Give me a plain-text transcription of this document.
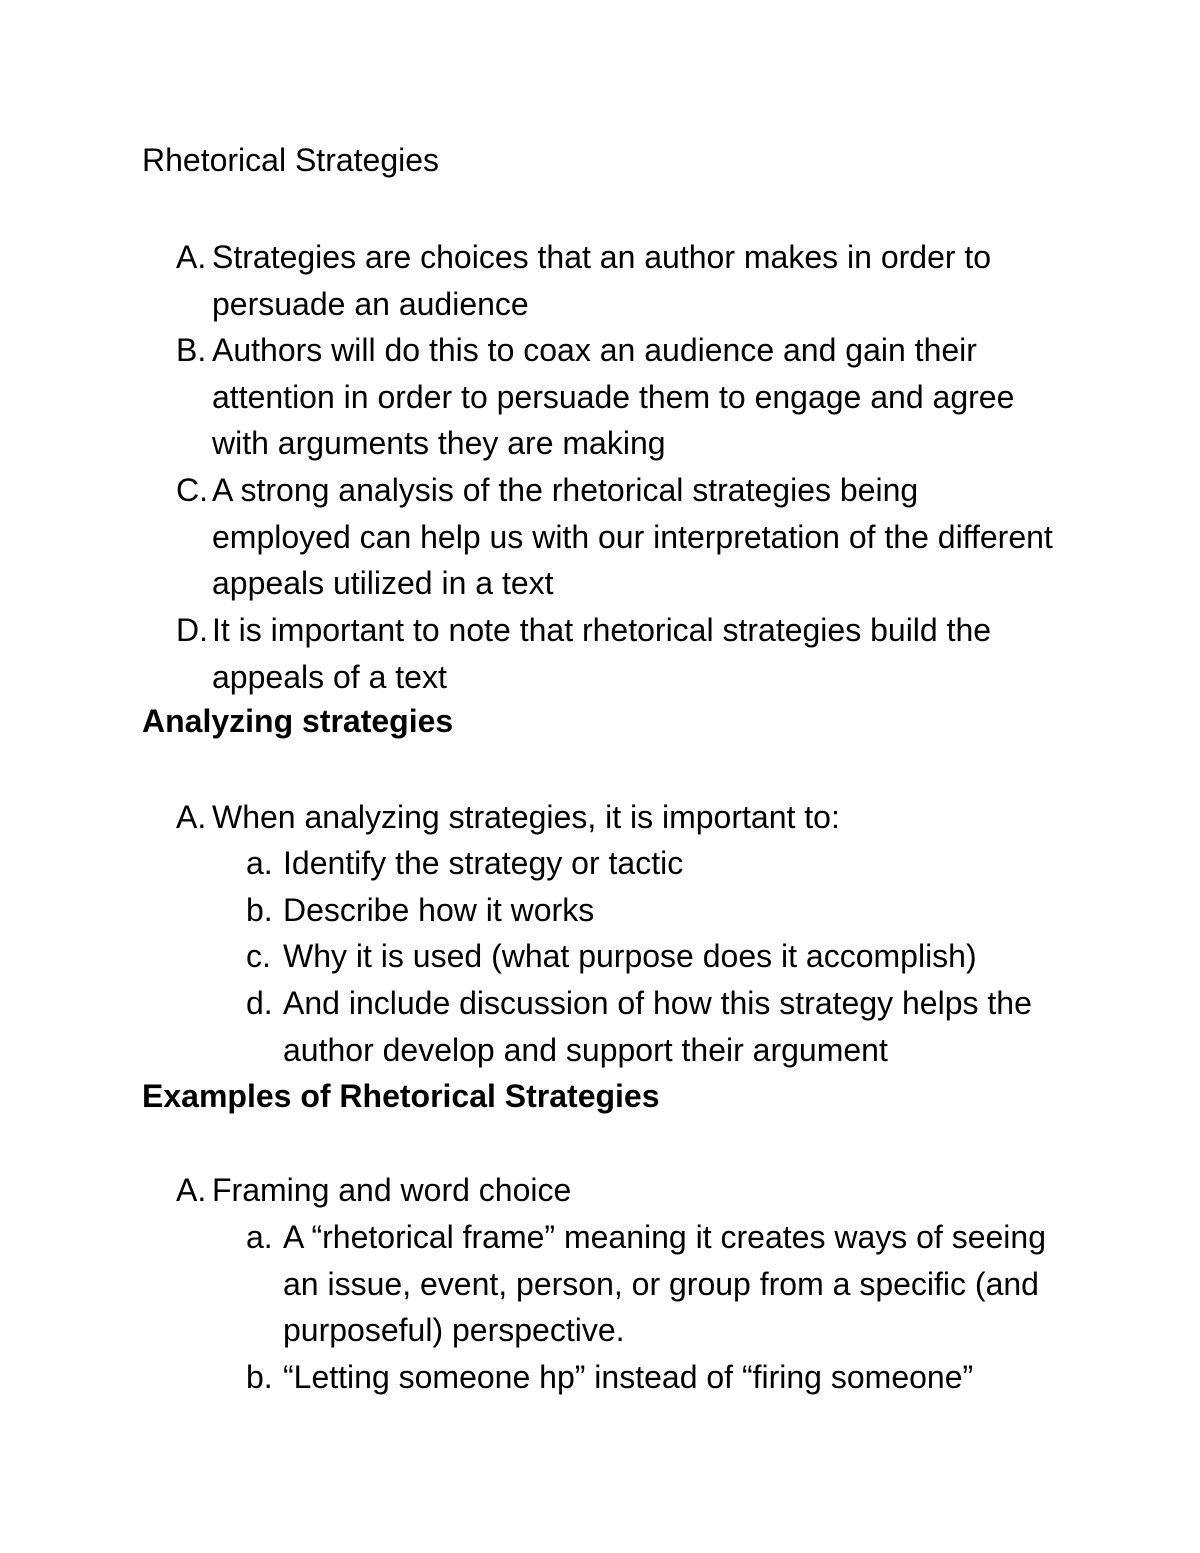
Rhetorical Strategies
A. Strategies are choices that an author makes in order to persuade an audience
B. Authors will do this to coax an audience and gain their attention in order to persuade them to engage and agree with arguments they are making
C. A strong analysis of the rhetorical strategies being employed can help us with our interpretation of the different appeals utilized in a text
D. It is important to note that rhetorical strategies build the appeals of a text
Analyzing strategies
A. When analyzing strategies, it is important to:
a. Identify the strategy or tactic
b. Describe how it works
c. Why it is used (what purpose does it accomplish)
d. And include discussion of how this strategy helps the author develop and support their argument
Examples of Rhetorical Strategies
A. Framing and word choice
a. A “rhetorical frame” meaning it creates ways of seeing an issue, event, person, or group from a specific (and purposeful) perspective.
b. “Letting someone hp” instead of “firing someone”
